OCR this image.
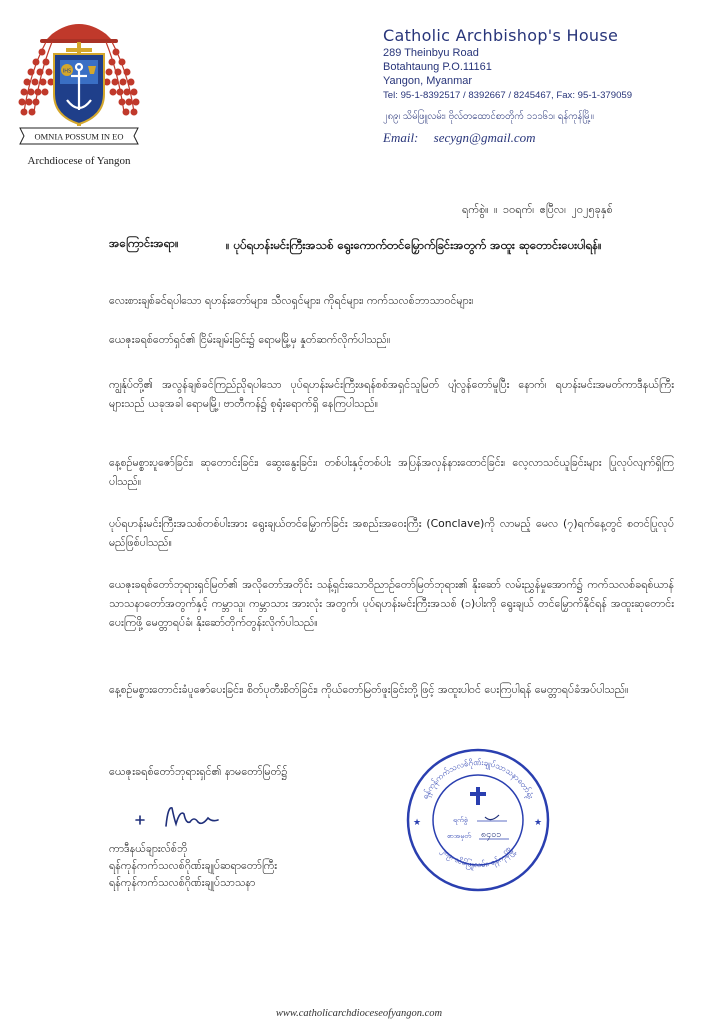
IHS
OMNIA POSSUM IN EO
Archdiocese of Yangon
Catholic Archbishop's House
289 Theinbyu Road
Botahtaung P.O.11161
Yangon, Myanmar
Tel: 95-1-8392517 / 8392667 / 8245467, Fax: 95-1-379059
၂၈၉၊ သိမ်ဖြူလမ်း၊ ဗိုလ်တထောင်စာတိုက် ၁၁၁၆၁၊ ရန်ကုန်မြို့။
Email: secygn@gmail.com
ရက်စွဲ။ ။ ၁၀ရက်၊ ဧပြီလ၊ ၂၀၂၅ခုနှစ်
အကြောင်းအရာ။	။ ပုပ်ရဟန်းမင်းကြီးအသစ် ရွေးကောက်တင်မြှောက်ခြင်းအတွက် အထူး ဆုတောင်းပေးပါရန်။
လေးစားချစ်ခင်ရပါသော ရဟန်းတော်များ၊ သီလရှင်များ၊ ကိုရင်များ၊ ကက်သလစ်ဘာသာဝင်များ၊
ယေဇုးခရစ်တော်ရှင်၏ ငြိမ်းချမ်းခြင်း၌ ရောမမြို့မှ နှုတ်ဆက်လိုက်ပါသည်။
ကျွန်ုပ်တို့၏ အလွန်ချစ်ခင်ကြည်ညိုရပါသော ပုပ်ရဟန်းမင်းကြီးဖရန်စစ်အရှင်သူမြတ် ပျံလွန်တော်မူပြီး နောက်၊ ရဟန်းမင်းအမတ်ကာဒီနယ်ကြီးများသည် ယခုအခါ ရောမမြို့၊ ဗာတီကန်၌ စုရုံးရောက်ရှိ နေကြပါသည်။
နေ့စဉ်မစ္စားပူဇော်ခြင်း၊ ဆုတောင်းခြင်း၊ ဆွေးနွေးခြင်း၊ တစ်ပါးနှင့်တစ်ပါး အပြန်အလှန်နားထောင်ခြင်း၊ လေ့လာသင်ယူခြင်းများ ပြုလုပ်လျက်ရှိကြပါသည်။
ပုပ်ရဟန်းမင်းကြီးအသစ်တစ်ပါးအား ရွေးချယ်တင်မြှောက်ခြင်း အစည်းအဝေးကြီး (Conclave)ကို လာမည့် မေလ (၇)ရက်နေ့တွင် စတင်ပြုလုပ် မည်ဖြစ်ပါသည်။
ယေဇုးခရစ်တော်ဘုရားရှင်မြတ်၏ အလိုတော်အတိုင်း သန့်ရှင်းသောဝိညာဉ်တော်မြတ်ဘုရား၏ နိုးဆော် လမ်းညွှန်မှုအောက်၌ ကက်သလစ်ခရစ်ယာန်သာသနာတော်အတွက်နှင့် ကမ္ဘာသူ၊ ကမ္ဘာသား အားလုံး အတွက်၊ ပုပ်ရဟန်းမင်းကြီးအသစ် (၁)ပါးကို ရွေးချယ် တင်မြှောက်နိုင်ရန် အထူးဆုတောင်းပေးကြဖို့ မေတ္တာရပ်ခံ၊ နိုးဆော်တိုက်တွန်းလိုက်ပါသည်။
နေ့စဉ်မစ္စားတောင်းခံပူဇော်ပေးခြင်း၊ စိတ်ပုတီးစိတ်ခြင်း၊ ကိုယ်တော်မြတ်ဖူးခြင်းတို့ဖြင့် အထူးပါဝင် ပေးကြပါရန် မေတ္တာရပ်ခံအပ်ပါသည်။
ယေဇုးခရစ်တော်ဘုရားရှင်၏ နာမတော်မြတ်၌
ကာဒီနယ်ချားလ်စ်ဘို
ရန်ကုန်ကက်သလစ်ဂိုဏ်းချုပ်ဆရာတော်ကြီး
ရန်ကုန်ကက်သလစ်ဂိုဏ်းချုပ်သာသနာ
ရန်ကုန်ကက်သလစ်ဂိုဏ်းချုပ်သာသနာတော်ရုံး
၂၈၉၊ သိမ်ဖြူလမ်း၊ ရန်ကုန်မြို့
★	★
ရက်စွဲ
စာအမှတ် ၈၄၀၁
www.catholicarchdioceseofyangon.com
